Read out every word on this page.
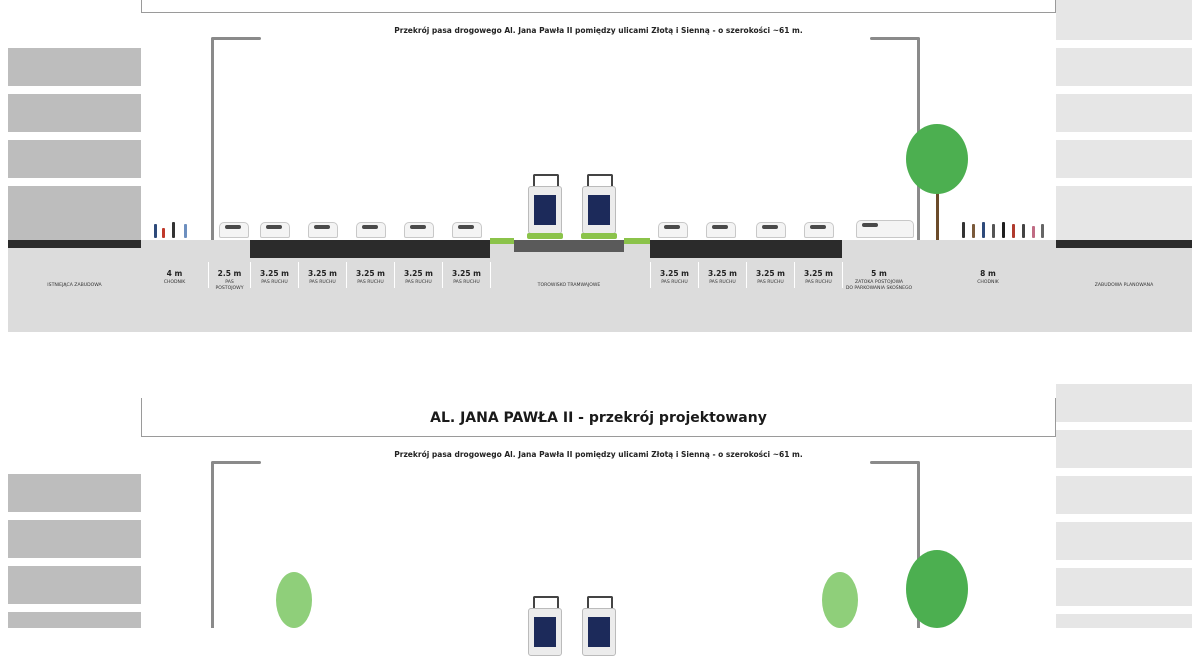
Przekrój pasa drogowego Al. Jana Pawła II pomiędzy ulicami Złotą i Sienną - o szerokości ~61 m.
ISTNIEJĄCA ZABUDOWA	ZABUDOWA PLANOWANA
TOROWISKO TRAMWAJOWE
4 m
CHODNIK
2.5 m
PAS
POSTOJOWY
3.25 m
PAS RUCHU
3.25 m
PAS RUCHU
3.25 m
PAS RUCHU
3.25 m
PAS RUCHU
3.25 m
PAS RUCHU
3.25 m
PAS RUCHU
3.25 m
PAS RUCHU
3.25 m
PAS RUCHU
3.25 m
PAS RUCHU
5 m
ZATOKA POSTOJOWA
DO PARKOWANIA SKOŚNEGO
8 m
CHODNIK
AL. JANA PAWŁA II - przekrój projektowany
Przekrój pasa drogowego Al. Jana Pawła II pomiędzy ulicami Złotą i Sienną - o szerokości ~61 m.
